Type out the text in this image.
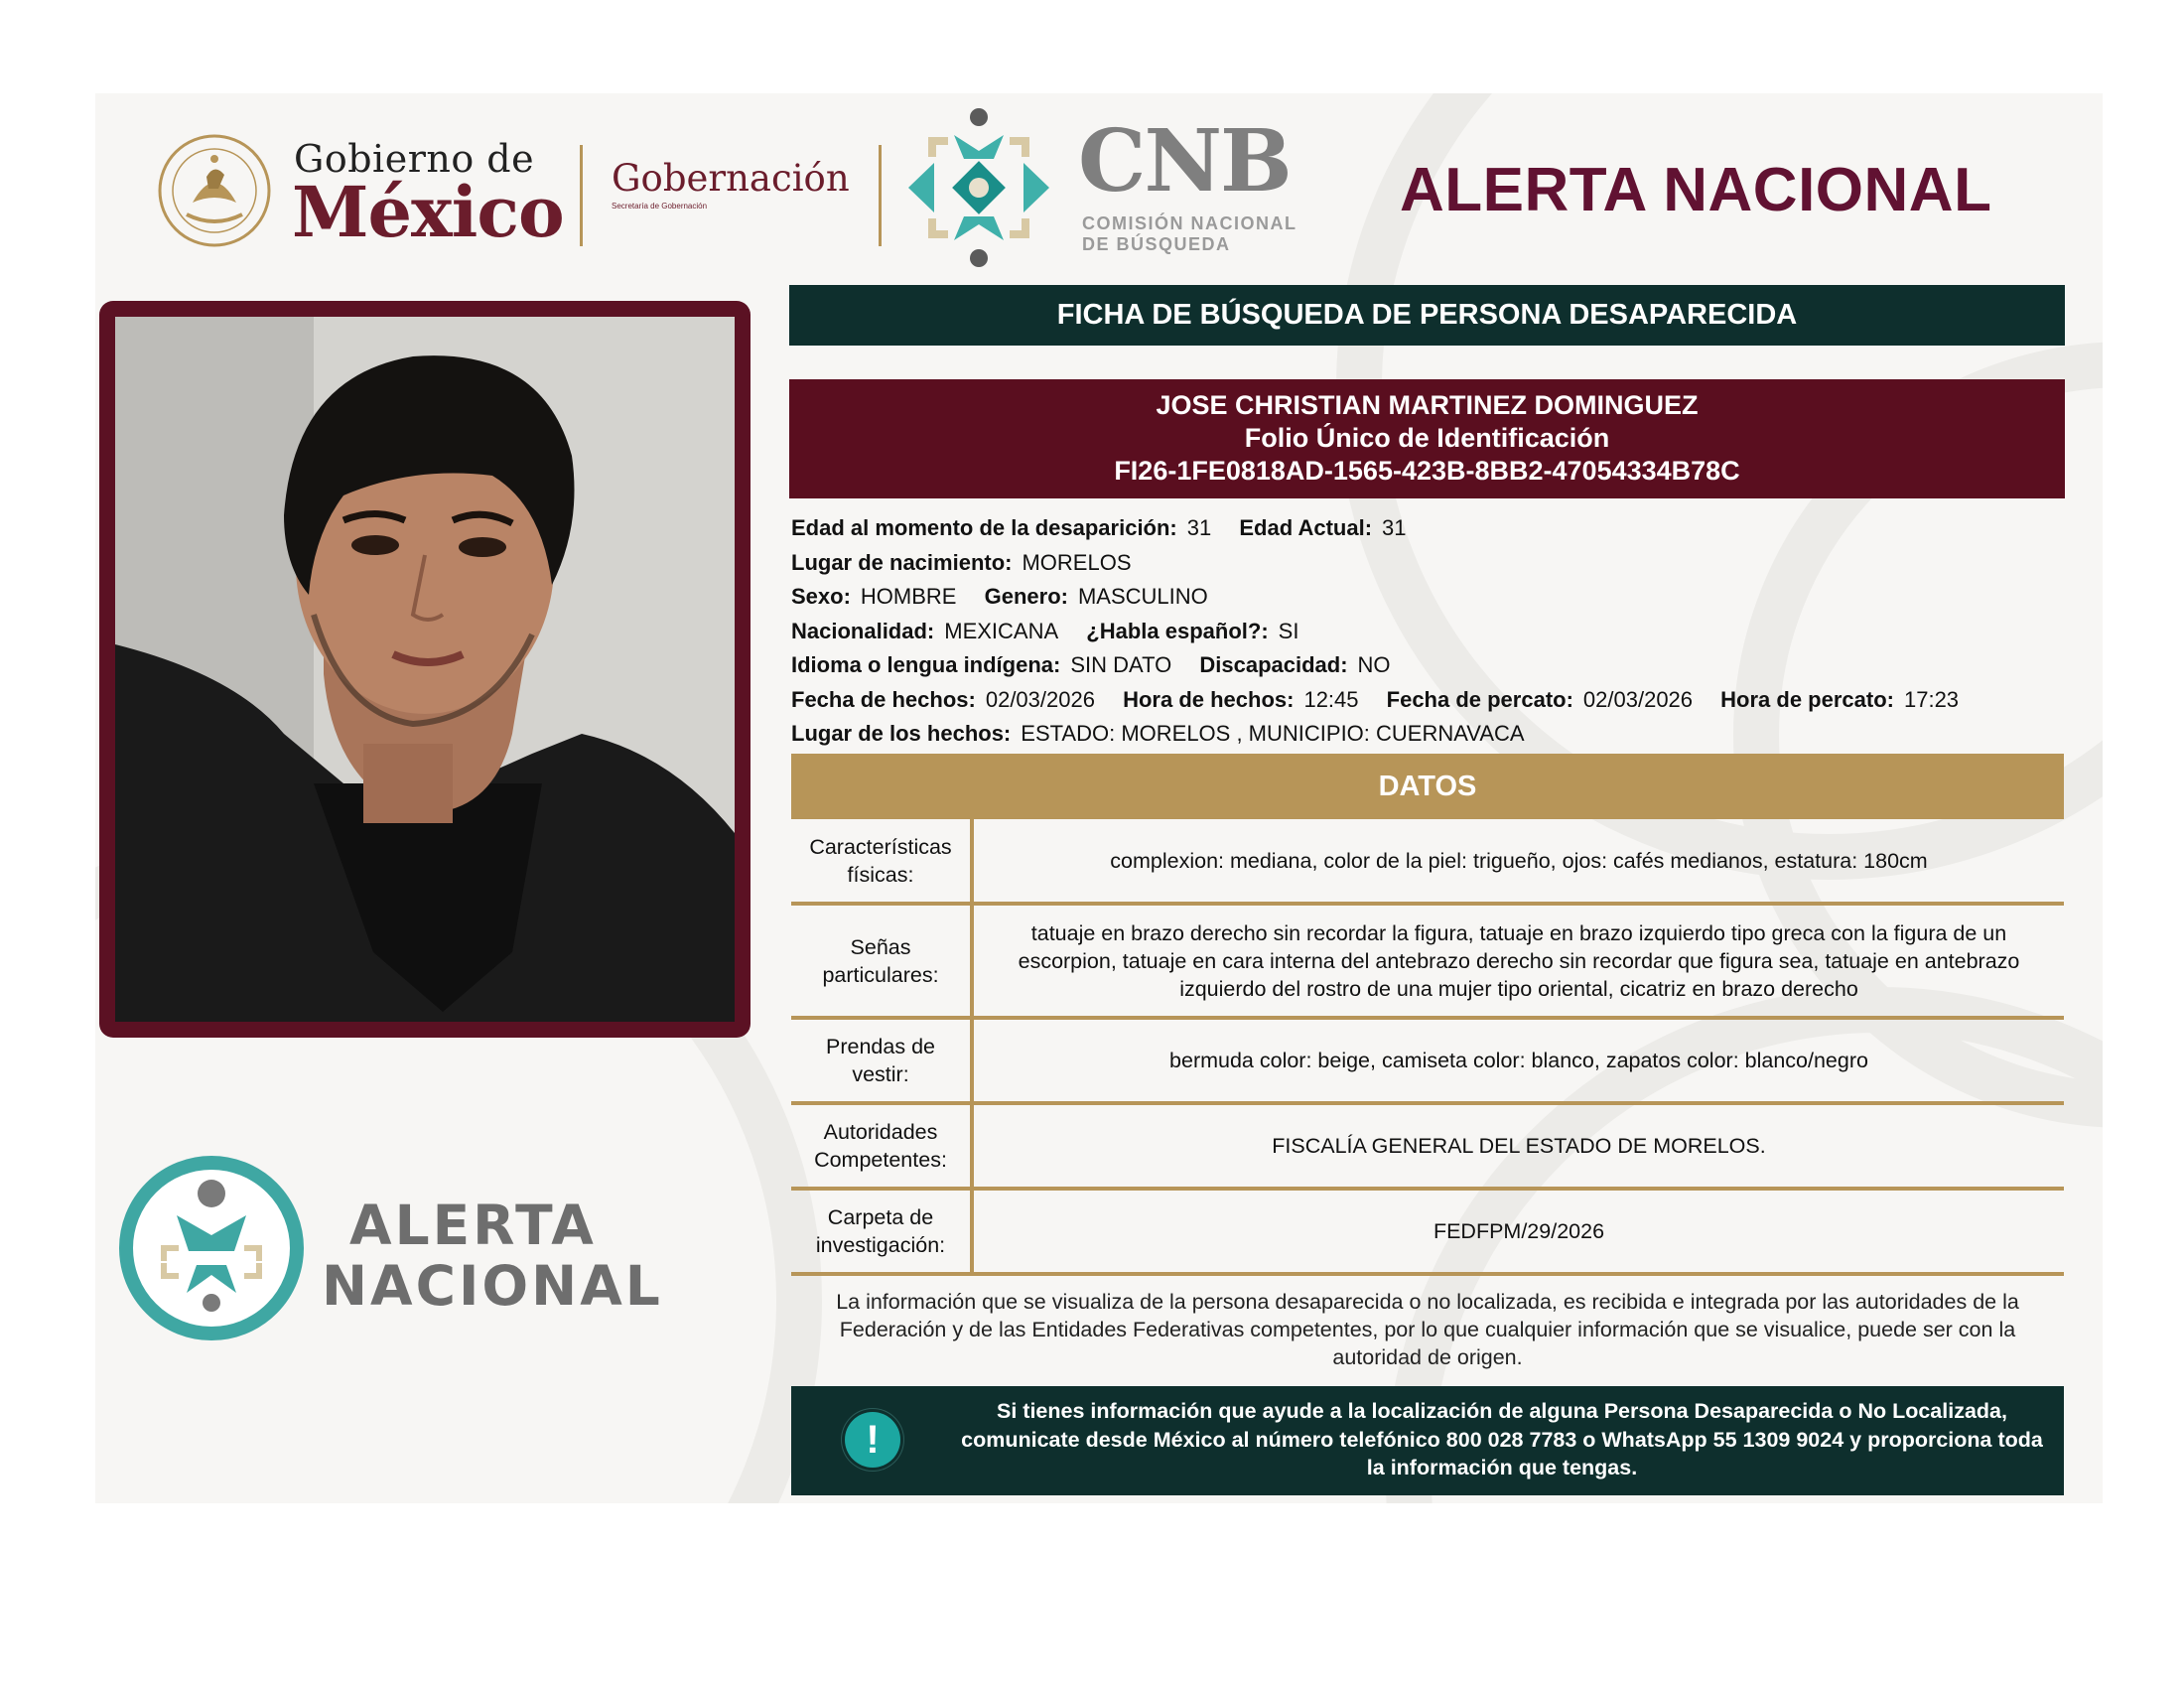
Gobierno de
México Gobernación
Secretaría de Gobernación	CNB
COMISIÓN NACIONAL
DE BÚSQUEDA
ALERTA NACIONAL
ALERTA
NACIONAL
FICHA DE BÚSQUEDA DE PERSONA DESAPARECIDA
JOSE CHRISTIAN MARTINEZ DOMINGUEZ
Folio Único de Identificación
FI26-1FE0818AD-1565-423B-8BB2-47054334B78C
Edad al momento de la desaparición: 31 Edad Actual: 31
Lugar de nacimiento: MORELOS
Sexo: HOMBRE Genero: MASCULINO
Nacionalidad: MEXICANA ¿Habla español?: SI
Idioma o lengua indígena: SIN DATO Discapacidad: NO
Fecha de hechos: 02/03/2026 Hora de hechos: 12:45 Fecha de percato: 02/03/2026 Hora de percato: 17:23
Lugar de los hechos: ESTADO: MORELOS , MUNICIPIO: CUERNAVACA
DATOS
Características físicas:
complexion: mediana, color de la piel: trigueño, ojos: cafés medianos, estatura: 180cm
Señas particulares:
tatuaje en brazo derecho sin recordar la figura, tatuaje en brazo izquierdo tipo greca con la figura de un escorpion, tatuaje en cara interna del antebrazo derecho sin recordar que figura sea, tatuaje en antebrazo izquierdo del rostro de una mujer tipo oriental, cicatriz en brazo derecho
Prendas de vestir:
bermuda color: beige, camiseta color: blanco, zapatos color: blanco/negro
Autoridades Competentes:
FISCALÍA GENERAL DEL ESTADO DE MORELOS.
Carpeta de investigación:
FEDFPM/29/2026
La información que se visualiza de la persona desaparecida o no localizada, es recibida e integrada por las autoridades de la Federación y de las Entidades Federativas competentes, por lo que cualquier información que se visualice, puede ser con la autoridad de origen.
!
Si tienes información que ayude a la localización de alguna Persona Desaparecida o No Localizada, comunicate desde México al número telefónico 800 028 7783 o WhatsApp 55 1309 9024 y proporciona toda la información que tengas.
